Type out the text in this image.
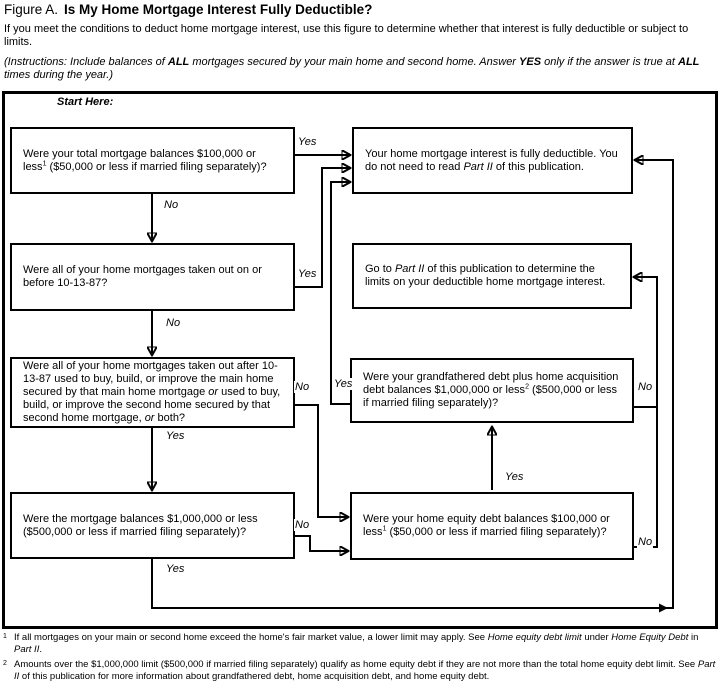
Figure A. Is My Home Mortgage Interest Fully Deductible?
If you meet the conditions to deduct home mortgage interest, use this figure to determine whether that interest is fully deductible or subject to limits.
(Instructions: Include balances of ALL mortgages secured by your main home and second home. Answer YES only if the answer is true at ALL times during the year.)
Start Here:
Were your total mortgage balances $100,000 or less$^1$ ($50,000 or less if married filing separately)?
Your home mortgage interest is fully deductible. You do not need to read Part II of this publication.
Were all of your home mortgages taken out on or before 10-13-87?
Go to Part II of this publication to determine the limits on your deductible home mortgage interest.
Were all of your home mortgages taken out after 10-13-87 used to buy, build, or improve the main home secured by that main home mortgage or used to buy, build, or improve the second home secured by that second home mortgage, or both?
Were your grandfathered debt plus home acquisition debt balances $1,000,000 or less$^2$ ($500,000 or less if married filing separately)?
Were the mortgage balances $1,000,000 or less ($500,000 or less if married filing separately)?
Were your home equity debt balances $100,000 or less$^1$ ($50,000 or less if married filing separately)?
Yes
No
Yes
No
No
Yes
Yes	No
No
Yes
Yes
No
1 If all mortgages on your main or second home exceed the home's fair market value, a lower limit may apply. See Home equity debt limit under Home Equity Debt in Part II.
2 Amounts over the $1,000,000 limit ($500,000 if married filing separately) qualify as home equity debt if they are not more than the total home equity debt limit. See Part II of this publication for more information about grandfathered debt, home acquisition debt, and home equity debt.
